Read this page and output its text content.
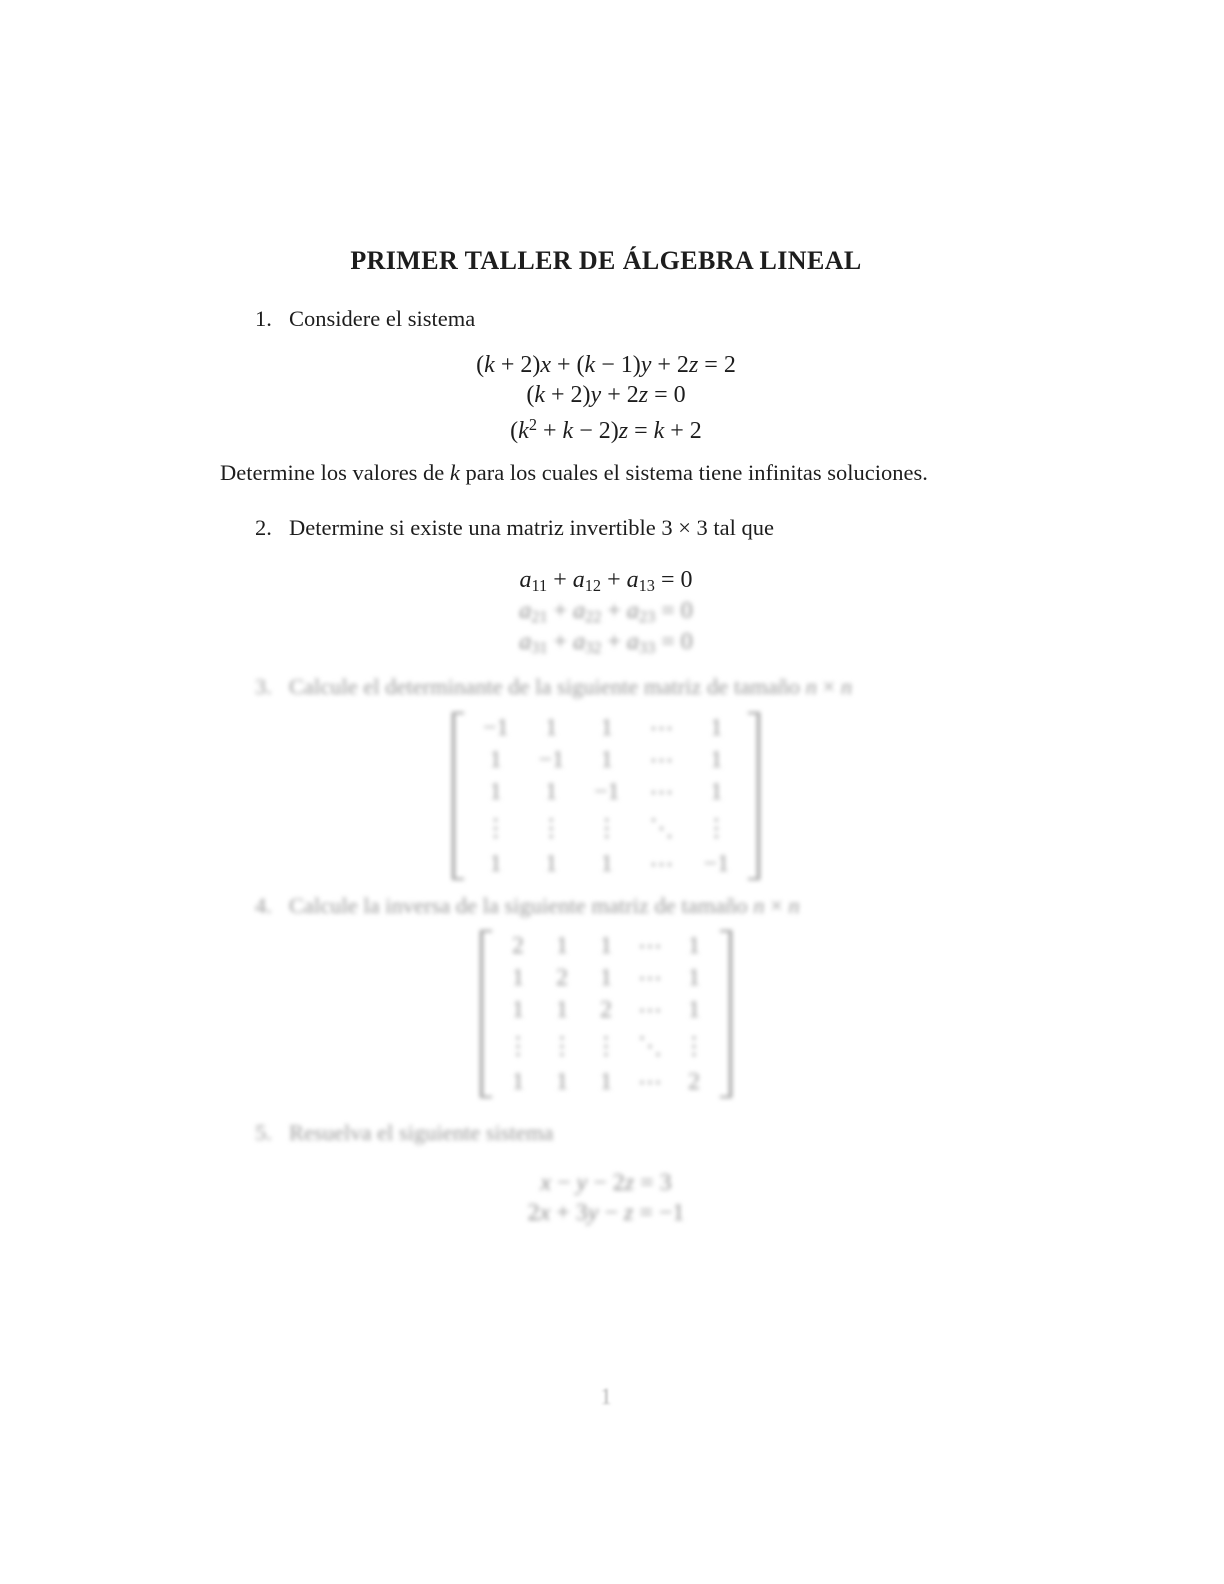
PRIMER TALLER DE ÁLGEBRA LINEAL
1. Considere el sistema
(k + 2)x + (k − 1)y + 2z = 2
(k + 2)y + 2z = 0
$(k^2 + k - 2)z = k + 2$
Determine los valores de k para los cuales el sistema tiene infinitas soluciones.
2. Determine si existe una matriz invertible 3 × 3 tal que
$a_{11} + a_{12} + a_{13} = 0$
$a_{21} + a_{22} + a_{23} = 0$
$a_{31} + a_{32} + a_{33} = 0$
3. Calcule el determinante de la siguiente matriz de tamaño n × n
−1	1	1	⋯	1
1	−1	1	⋯	1
1	1	−1	⋯	1
⋮	⋮	⋮	⋱	⋮
1	1	1	⋯	−1
4. Calcule la inversa de la siguiente matriz de tamaño n × n
2	1	1	⋯	1
1	2	1	⋯	1
1	1	2	⋯	1
⋮	⋮	⋮	⋱	⋮
1	1	1	⋯	2
5. Resuelva el siguiente sistema
x − y − 2z = 3
2x + 3y − z = −1
1
